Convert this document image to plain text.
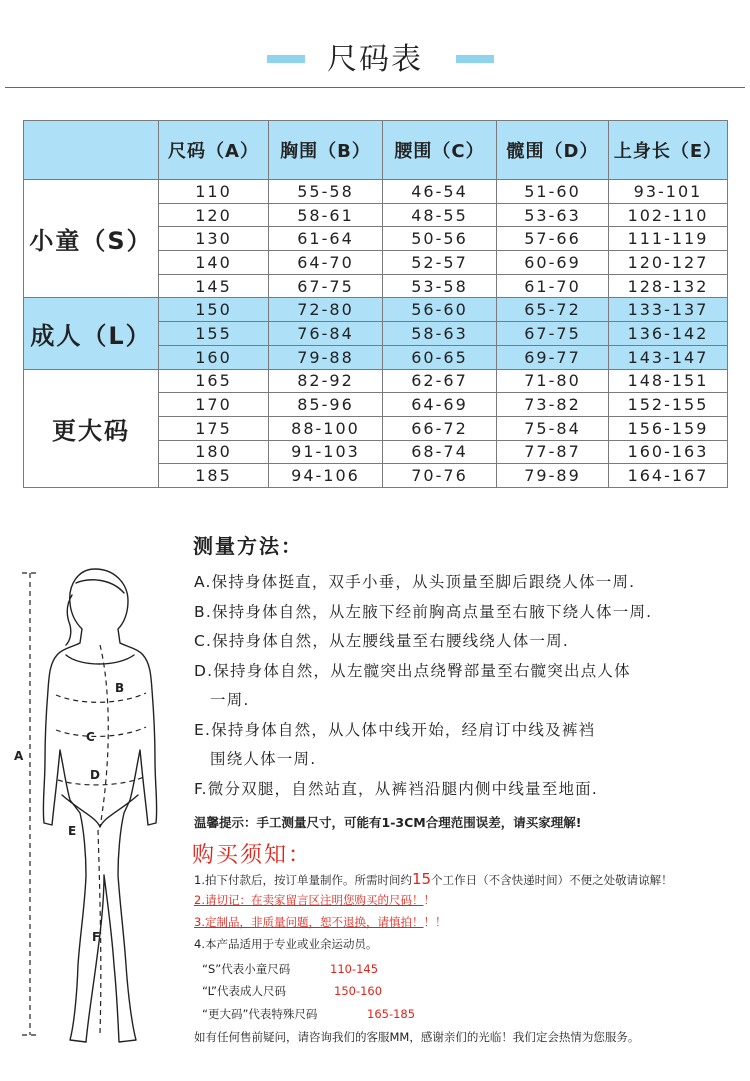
尺码表
	尺码（A）	胸围（B）	腰围（C）	髋围（D）	上身长（E）
小童（S）	110	55-58	46-54	51-60	93-101
	120	58-61	48-55	53-63	102-110
	130	61-64	50-56	57-66	111-119
	140	64-70	52-57	60-69	120-127
	145	67-75	53-58	61-70	128-132
成人（L）	150	72-80	56-60	65-72	133-137
	155	76-84	58-63	67-75	136-142
	160	79-88	60-65	69-77	143-147
更大码	165	82-92	62-67	71-80	148-151
	170	85-96	64-69	73-82	152-155
	175	88-100	66-72	75-84	156-159
	180	91-103	68-74	77-87	160-163
	185	94-106	70-76	79-89	164-167
A
B
C
D
E
F
测量方法：
A.保持身体挺直，双手小垂，从头顶量至脚后跟绕人体一周.
B.保持身体自然，从左腋下经前胸高点量至右腋下绕人体一周.
C.保持身体自然，从左腰线量至右腰线绕人体一周.
D.保持身体自然，从左髋突出点绕臀部量至右髋突出点人体
一周.
E.保持身体自然，从人体中线开始，经肩订中线及裤裆
围绕人体一周.
F.微分双腿，自然站直，从裤裆沿腿内侧中线量至地面.
温馨提示：手工测量尺寸，可能有1-3CM合理范围误差，请买家理解!
购买须知：
1.拍下付款后，按订单量制作。所需时间约15个工作日（不含快递时间）不便之处敬请谅解！
2.请切记：在卖家留言区注明您购买的尺码！！
3.定制品，非质量问题，恕不退换，请慎拍！！！
4.本产品适用于专业或业余运动员。
“S”代表小童尺码	110-145
“L”代表成人尺码	150-160
“更大码”代表特殊尺码	165-185
如有任何售前疑问，请咨询我们的客服MM，感谢亲们的光临！我们定会热情为您服务。
